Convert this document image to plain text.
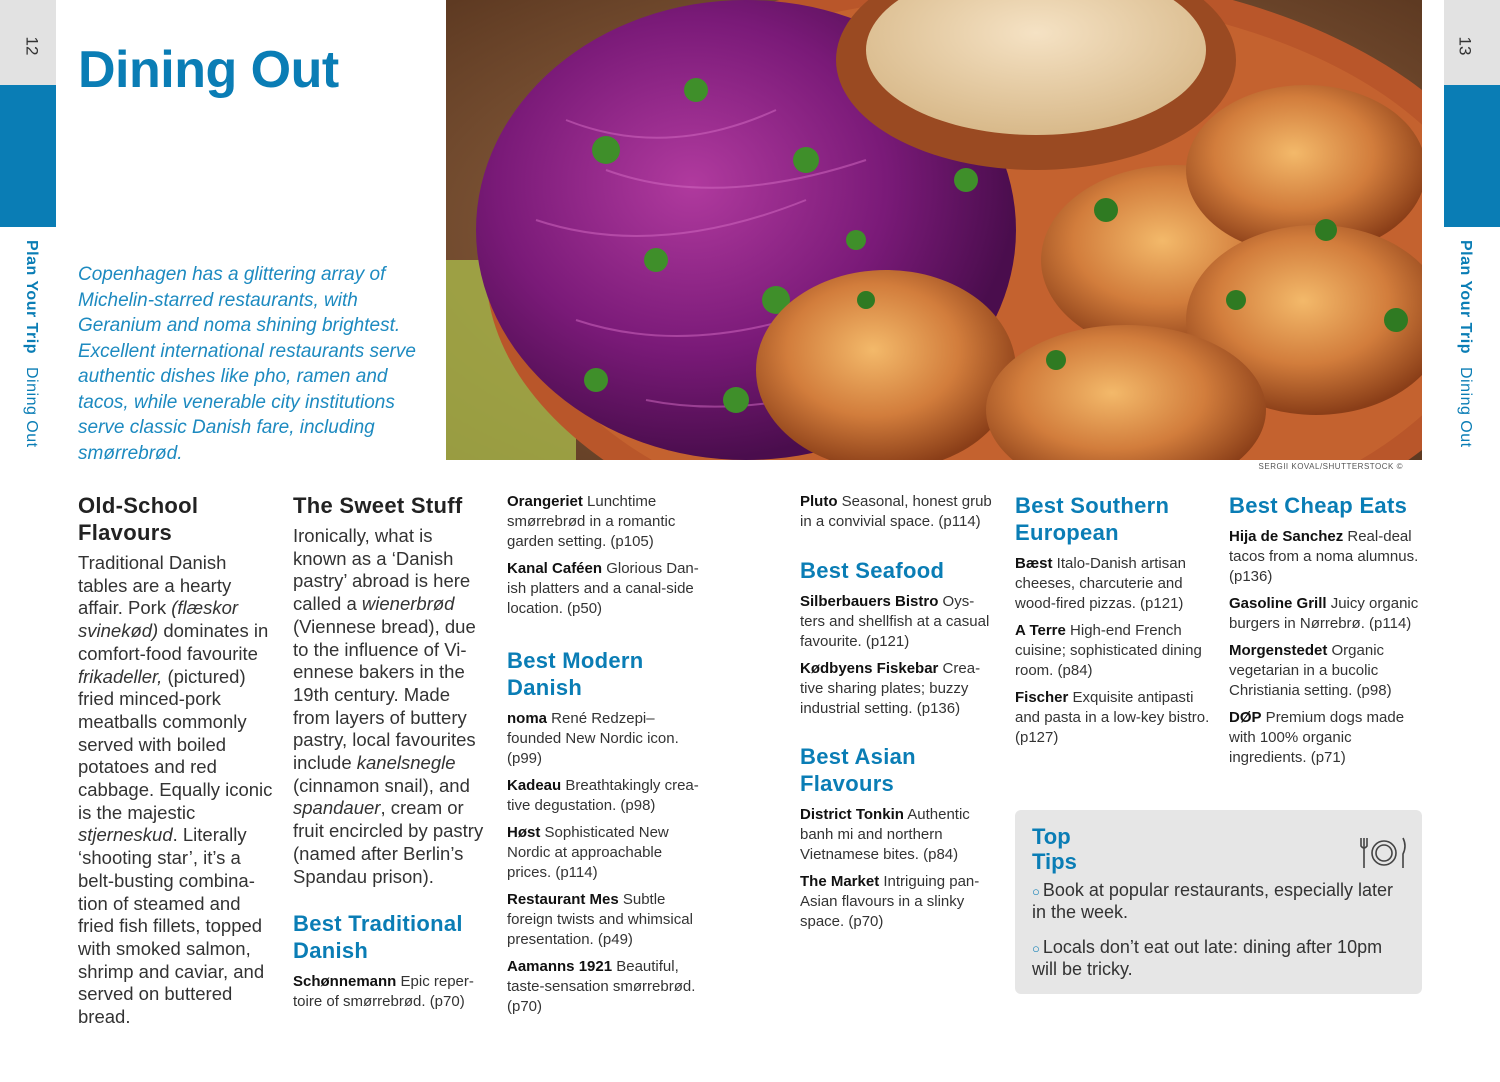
12
Plan Your Trip Dining Out
13
Plan Your Trip Dining Out
Dining Out
Copenhagen has a glittering array of Michelin-starred restaurants, with Geranium and noma shining brightest. Excellent international restaurants serve authentic dishes like pho, ramen and tacos, while venerable city institutions serve classic Danish fare, including smørrebrød.
SERGII KOVAL/SHUTTERSTOCK ©
Old-School Flavours
Traditional Danish tables are a hearty affair. Pork (flæskor svinekød) dominates in comfort-food favourite frikadeller, (pictured) fried minced-pork meatballs commonly served with boiled potatoes and red cabbage. Equally iconic is the majestic stjerneskud. Literally ‘shooting star’, it’s a belt-busting combination of steamed and fried fish fillets, topped with smoked salmon, shrimp and caviar, and served on buttered bread.
The Sweet Stuff
Ironically, what is known as a ‘Danish pastry’ abroad is here called a wienerbrød (Viennese bread), due to the influence of Viennese bakers in the 19th century. Made from layers of buttery pastry, local favourites include kanelsnegle (cinnamon snail), and spandauer, cream or fruit encircled by pastry (named after Berlin’s Spandau prison).
Best Traditional Danish
Schønnemann Epic repertoire of smørrebrød. (p70)
Orangeriet Lunchtime smørrebrød in a romantic garden setting. (p105)
Kanal Caféen Glorious Danish platters and a canal-side location. (p50)
Best Modern Danish
noma René Redzepi–founded New Nordic icon. (p99)
Kadeau Breathtakingly creative degustation. (p98)
Høst Sophisticated New Nordic at approachable prices. (p114)
Restaurant Mes Subtle foreign twists and whimsical presentation. (p49)
Aamanns 1921 Beautiful, taste-sensation smørrebrød. (p70)
Pluto Seasonal, honest grub in a convivial space. (p114)
Best Seafood
Silberbauers Bistro Oysters and shellfish at a casual favourite. (p121)
Kødbyens Fiskebar Creative sharing plates; buzzy industrial setting. (p136)
Best Asian Flavours
District Tonkin Authentic banh mi and northern Vietnamese bites. (p84)
The Market Intriguing pan-Asian flavours in a slinky space. (p70)
Best Southern European
Bæst Italo-Danish artisan cheeses, charcuterie and wood-fired pizzas. (p121)
A Terre High-end French cuisine; sophisticated dining room. (p84)
Fischer Exquisite antipasti and pasta in a low-key bistro. (p127)
Best Cheap Eats
Hija de Sanchez Real-deal tacos from a noma alumnus. (p136)
Gasoline Grill Juicy organic burgers in Nørrebrø. (p114)
Morgenstedet Organic vegetarian in a bucolic Christiania setting. (p98)
DØP Premium dogs made with 100% organic ingredients. (p71)
Top
Tips
○ Book at popular restaurants, especially later in the week.
○ Locals don’t eat out late: dining after 10pm will be tricky.
